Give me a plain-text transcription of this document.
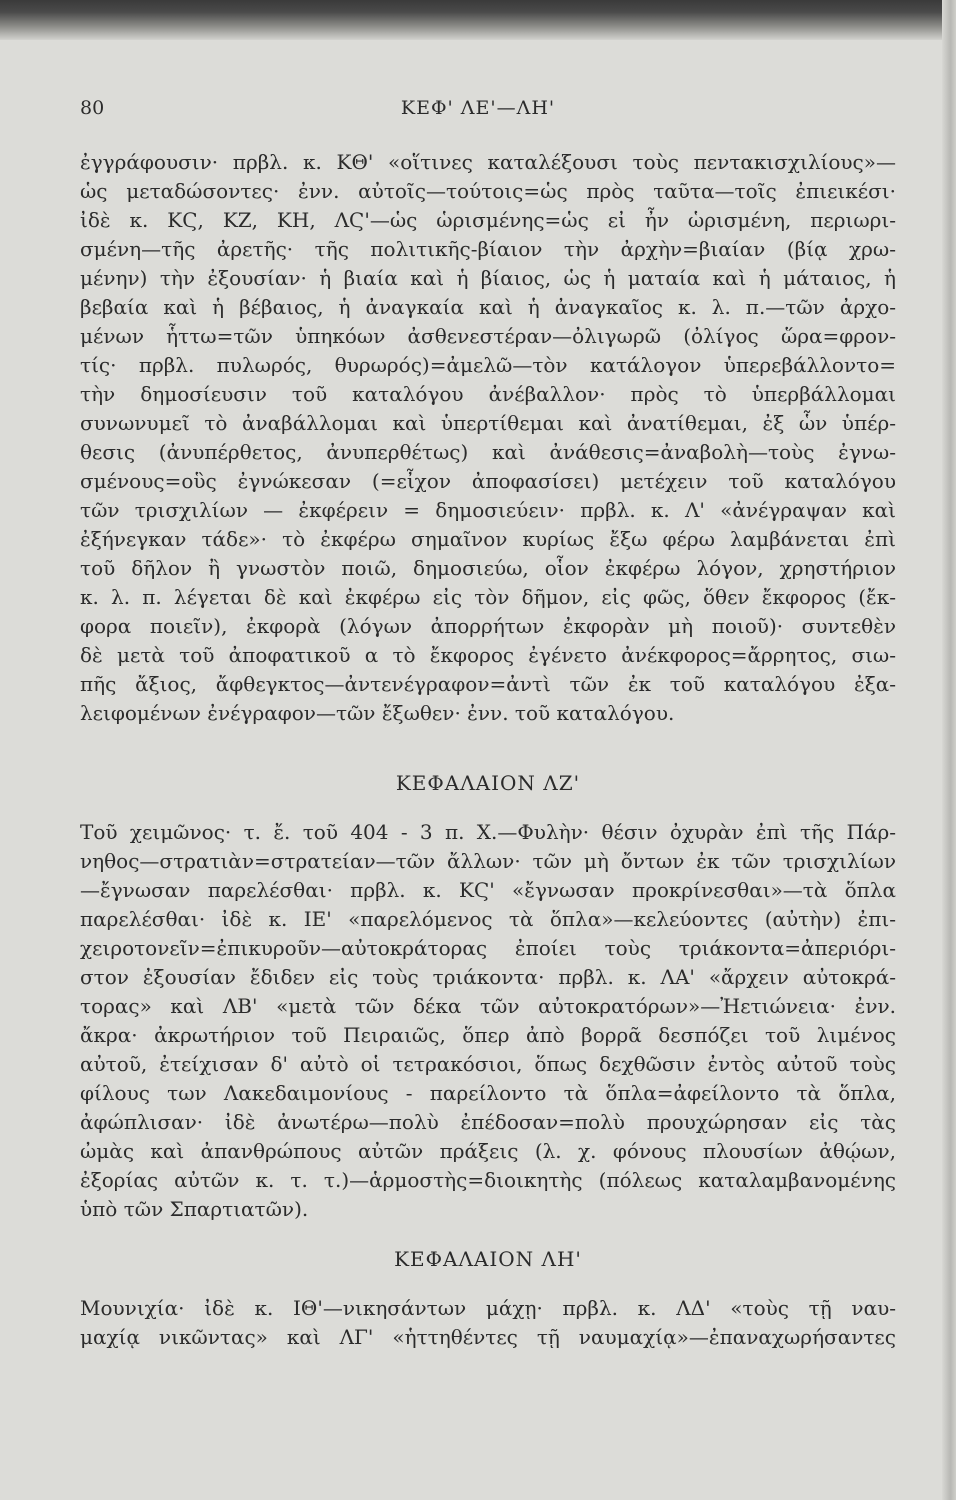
80	ΚΕΦ' ΛΕ'—ΛΗ'
ἐγγράφουσιν· πρβλ. κ. ΚΘ' «οἵτινες καταλέξουσι τοὺς πεντακισχιλίους»—
ὡς μεταδώσοντες· ἐνν. αὐτοῖς—τούτοις=ὡς πρὸς ταῦτα—τοῖς ἐπιεικέσι·
ἰδὲ κ. ΚϚ, ΚΖ, ΚΗ, ΛϚ'—ὡς ὡρισμένης=ὡς εἰ ἦν ὡρισμένη, περιωρι-
σμένη—τῆς ἀρετῆς· τῆς πολιτικῆς-βίαιον τὴν ἀρχὴν=βιαίαν (βίᾳ χρω-
μένην) τὴν ἐξουσίαν· ἡ βιαία καὶ ἡ βίαιος, ὡς ἡ ματαία καὶ ἡ μάταιος, ἡ
βεβαία καὶ ἡ βέβαιος, ἡ ἀναγκαία καὶ ἡ ἀναγκαῖος κ. λ. π.—τῶν ἀρχο-
μένων ἧττω=τῶν ὑπηκόων ἀσθενεστέραν—ὀλιγωρῶ (ὀλίγος ὥρα=φρον-
τίς· πρβλ. πυλωρός, θυρωρός)=ἀμελῶ—τὸν κατάλογον ὑπερεβάλλοντο=
τὴν δημοσίευσιν τοῦ καταλόγου ἀνέβαλλον· πρὸς τὸ ὑπερβάλλομαι
συνωνυμεῖ τὸ ἀναβάλλομαι καὶ ὑπερτίθεμαι καὶ ἀνατίθεμαι, ἐξ ὧν ὑπέρ-
θεσις (ἀνυπέρθετος, ἀνυπερθέτως) καὶ ἀνάθεσις=ἀναβολὴ—τοὺς ἐγνω-
σμένους=οὓς ἐγνώκεσαν (=εἶχον ἀποφασίσει) μετέχειν τοῦ καταλόγου
τῶν τρισχιλίων — ἐκφέρειν = δημοσιεύειν· πρβλ. κ. Λ' «ἀνέγραψαν καὶ
ἐξήνεγκαν τάδε»· τὸ ἐκφέρω σημαῖνον κυρίως ἔξω φέρω λαμβάνεται ἐπὶ
τοῦ δῆλον ἢ γνωστὸν ποιῶ, δημοσιεύω, οἷον ἐκφέρω λόγον, χρηστήριον
κ. λ. π. λέγεται δὲ καὶ ἐκφέρω εἰς τὸν δῆμον, εἰς φῶς, ὅθεν ἔκφορος (ἔκ-
φορα ποιεῖν), ἐκφορὰ (λόγων ἀπορρήτων ἐκφορὰν μὴ ποιοῦ)· συντεθὲν
δὲ μετὰ τοῦ ἀποφατικοῦ α τὸ ἔκφορος ἐγένετο ἀνέκφορος=ἄρρητος, σιω-
πῆς ἄξιος, ἄφθεγκτος—ἀντενέγραφον=ἀντὶ τῶν ἐκ τοῦ καταλόγου ἐξα-
λειφομένων ἐνέγραφον—τῶν ἔξωθεν· ἐνν. τοῦ καταλόγου.
ΚΕΦΑΛΑΙΟΝ ΛΖ'
Τοῦ χειμῶνος· τ. ἔ. τοῦ 404 - 3 π. Χ.—Φυλὴν· θέσιν ὀχυρὰν ἐπὶ τῆς Πάρ-
νηθος—στρατιὰν=στρατείαν—τῶν ἄλλων· τῶν μὴ ὄντων ἐκ τῶν τρισχιλίων
—ἔγνωσαν παρελέσθαι· πρβλ. κ. ΚϚ' «ἔγνωσαν προκρίνεσθαι»—τὰ ὅπλα
παρελέσθαι· ἰδὲ κ. ΙΕ' «παρελόμενος τὰ ὅπλα»—κελεύοντες (αὐτὴν) ἐπι-
χειροτονεῖν=ἐπικυροῦν—αὐτοκράτορας ἐποίει τοὺς τριάκοντα=ἀπεριόρι-
στον ἐξουσίαν ἔδιδεν εἰς τοὺς τριάκοντα· πρβλ. κ. ΛΑ' «ἄρχειν αὐτοκρά-
τορας» καὶ ΛΒ' «μετὰ τῶν δέκα τῶν αὐτοκρατόρων»—Ἠετιώνεια· ἐνν.
ἄκρα· ἀκρωτήριον τοῦ Πειραιῶς, ὅπερ ἀπὸ βορρᾶ δεσπόζει τοῦ λιμένος
αὐτοῦ, ἐτείχισαν δ' αὐτὸ οἱ τετρακόσιοι, ὅπως δεχθῶσιν ἐντὸς αὐτοῦ τοὺς
φίλους των Λακεδαιμονίους - παρείλοντο τὰ ὅπλα=ἀφείλοντο τὰ ὅπλα,
ἀφώπλισαν· ἰδὲ ἀνωτέρω—πολὺ ἐπέδοσαν=πολὺ προυχώρησαν εἰς τὰς
ὠμὰς καὶ ἀπανθρώπους αὐτῶν πράξεις (λ. χ. φόνους πλουσίων ἀθῴων,
ἐξορίας αὐτῶν κ. τ. τ.)—ἁρμοστὴς=διοικητὴς (πόλεως καταλαμβανομένης
ὑπὸ τῶν Σπαρτιατῶν).
ΚΕΦΑΛΑΙΟΝ ΛΗ'
Μουνιχία· ἰδὲ κ. ΙΘ'—νικησάντων μάχῃ· πρβλ. κ. ΛΔ' «τοὺς τῇ ναυ-
μαχίᾳ νικῶντας» καὶ ΛΓ' «ἡττηθέντες τῇ ναυμαχίᾳ»—ἐπαναχωρήσαντες
